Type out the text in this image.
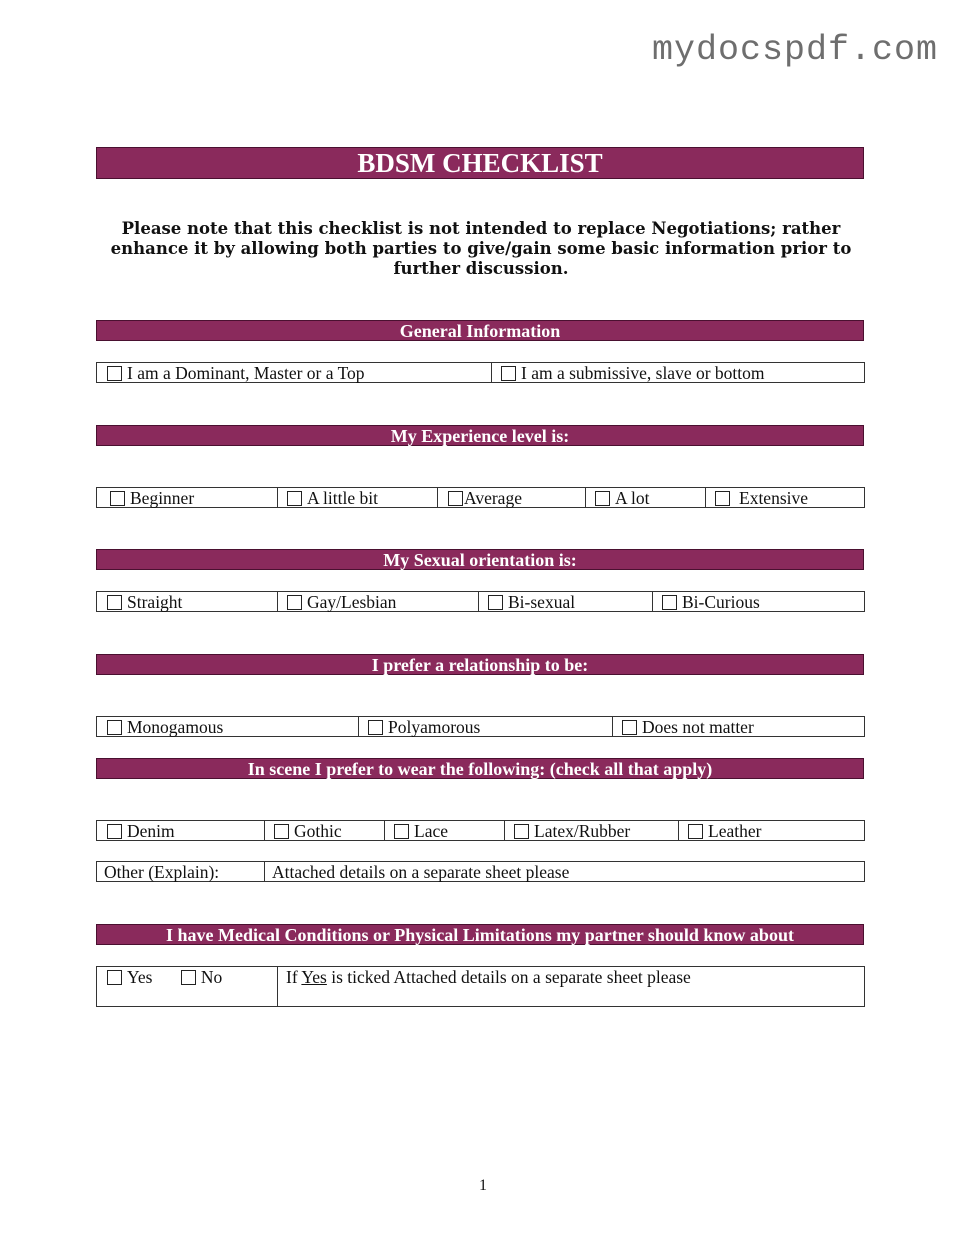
mydocspdf.com
BDSM CHECKLIST
Please note that this checklist is not intended to replace Negotiations; rather enhance it by allowing both parties to give/gain some basic information prior to further discussion.
General Information
I am a Dominant, Master or a Top	I am a submissive, slave or bottom
My Experience level is:
Beginner	A little bit	Average	A lot	Extensive
My Sexual orientation is:
Straight	Gay/Lesbian	Bi-sexual	Bi-Curious
I prefer a relationship to be:
Monogamous	Polyamorous	Does not matter
In scene I prefer to wear the following: (check all that apply)
Denim	Gothic	Lace	Latex/Rubber	Leather
Other (Explain):	Attached details on a separate sheet please
I have Medical Conditions or Physical Limitations my partner should know about
Yes	No	If Yes is ticked Attached details on a separate sheet please
1
